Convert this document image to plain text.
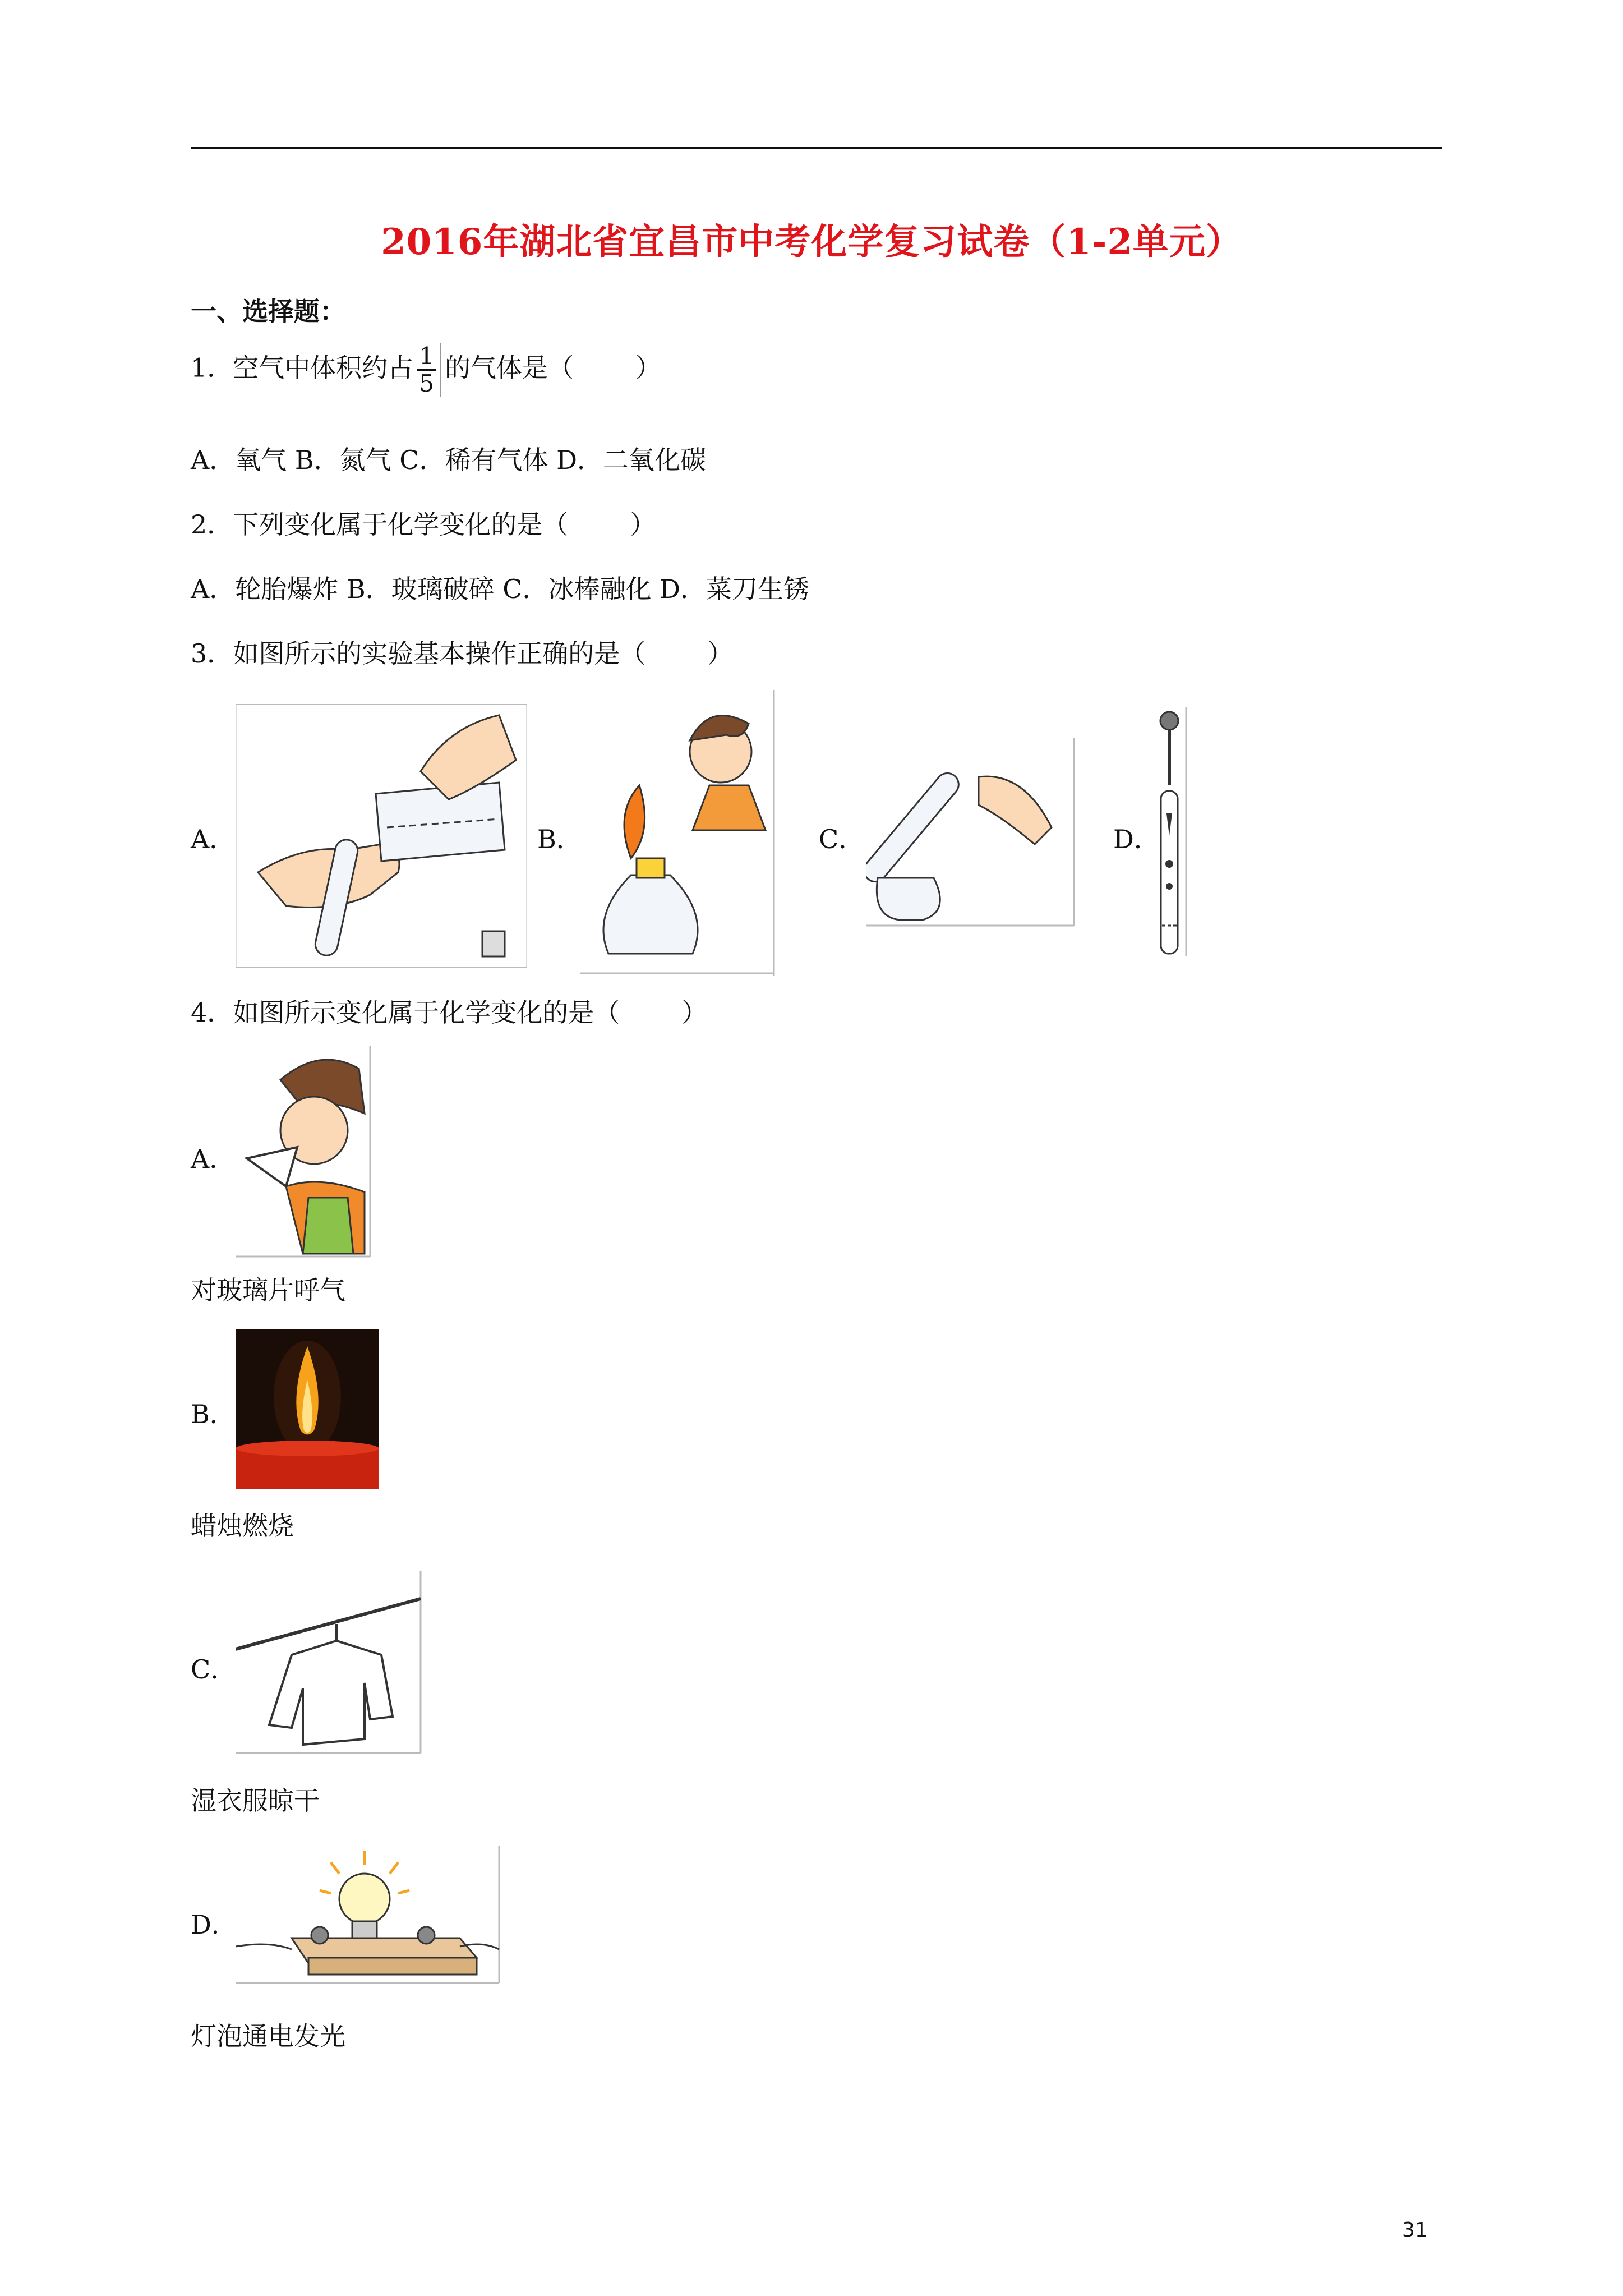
2016年湖北省宜昌市中考化学复习试卷（1-2单元）
一、选择题：
1．空气中体积约占 $\frac{1}{5}$ 的气体是（ ）
A．氧气 B．氮气 C．稀有气体 D．二氧化碳
2．下列变化属于化学变化的是（ ）
A．轮胎爆炸 B．玻璃破碎 C．冰棒融化 D．菜刀生锈
3．如图所示的实验基本操作正确的是（ ）
A．	B．	C．	D．
4．如图所示变化属于化学变化的是（ ）
A．
对玻璃片呼气
B．
蜡烛燃烧
C．
湿衣服晾干
D．
灯泡通电发光
31
